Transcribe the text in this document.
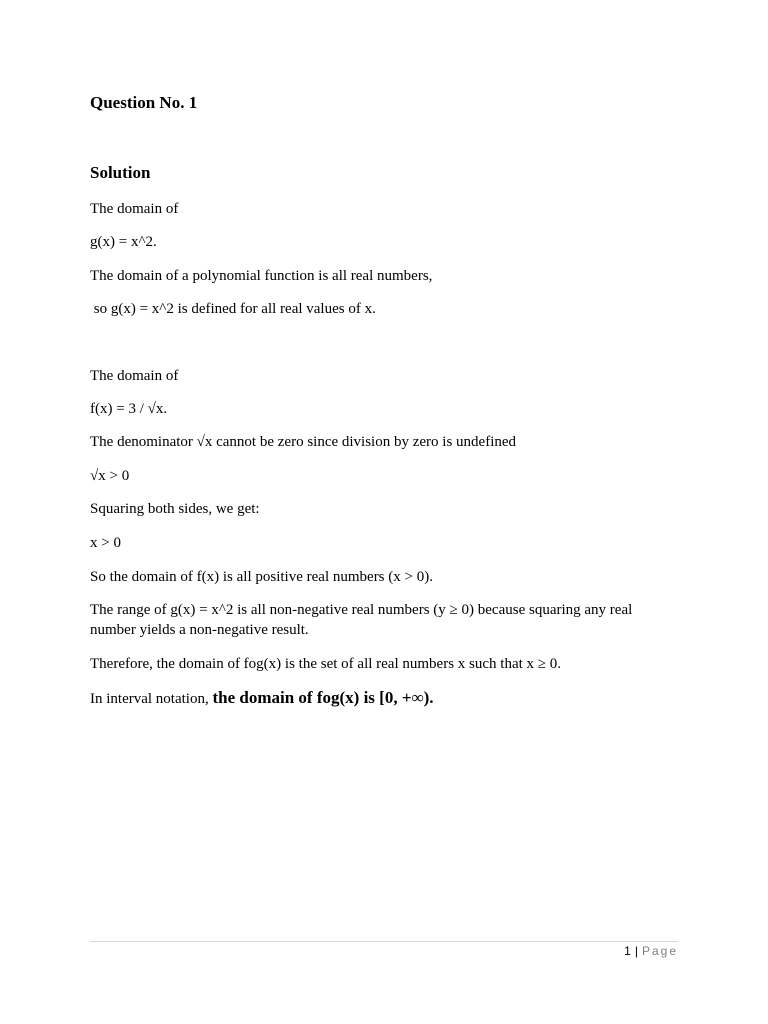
Question No. 1
Solution

The domain of

g(x) = x^2.

The domain of a polynomial function is all real numbers,

so g(x) = x^2 is defined for all real values of x.

The domain of

f(x) = 3 / √x.

The denominator √x cannot be zero since division by zero is undefined

√x > 0

Squaring both sides, we get:

x > 0

So the domain of f(x) is all positive real numbers (x > 0).

The range of g(x) = x^2 is all non-negative real numbers (y ≥ 0) because squaring any real number yields a non-negative result.

Therefore, the domain of fog(x) is the set of all real numbers x such that x ≥ 0.

In interval notation, the domain of fog(x) is [0, +∞).

1 | Page
